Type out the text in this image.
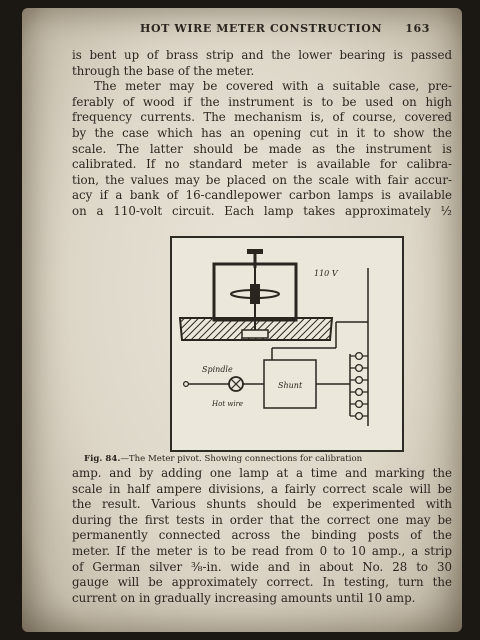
HOT WIRE METER CONSTRUCTION 163
is bent up of brass strip and the lower bearing is passed
through the base of the meter.
The meter may be covered with a suitable case, pre-
ferably of wood if the instrument is to be used on high
frequency currents. The mechanism is, of course, covered
by the case which has an opening cut in it to show the
scale. The latter should be made as the instrument is
calibrated. If no standard meter is available for calibra-
tion, the values may be placed on the scale with fair accur-
acy if a bank of 16-candlepower carbon lamps is available
on a 110-volt circuit. Each lamp takes approximately ½
110 V
Shunt
Spindle
Hot wire
Fig. 84.—The Meter pivot. Showing connections for calibration
amp. and by adding one lamp at a time and marking the
scale in half ampere divisions, a fairly correct scale will be
the result. Various shunts should be experimented with
during the first tests in order that the correct one may be
permanently connected across the binding posts of the
meter. If the meter is to be read from 0 to 10 amp., a strip
of German silver ⅜-in. wide and in about No. 28 to 30
gauge will be approximately correct. In testing, turn the
current on in gradually increasing amounts until 10 amp.
